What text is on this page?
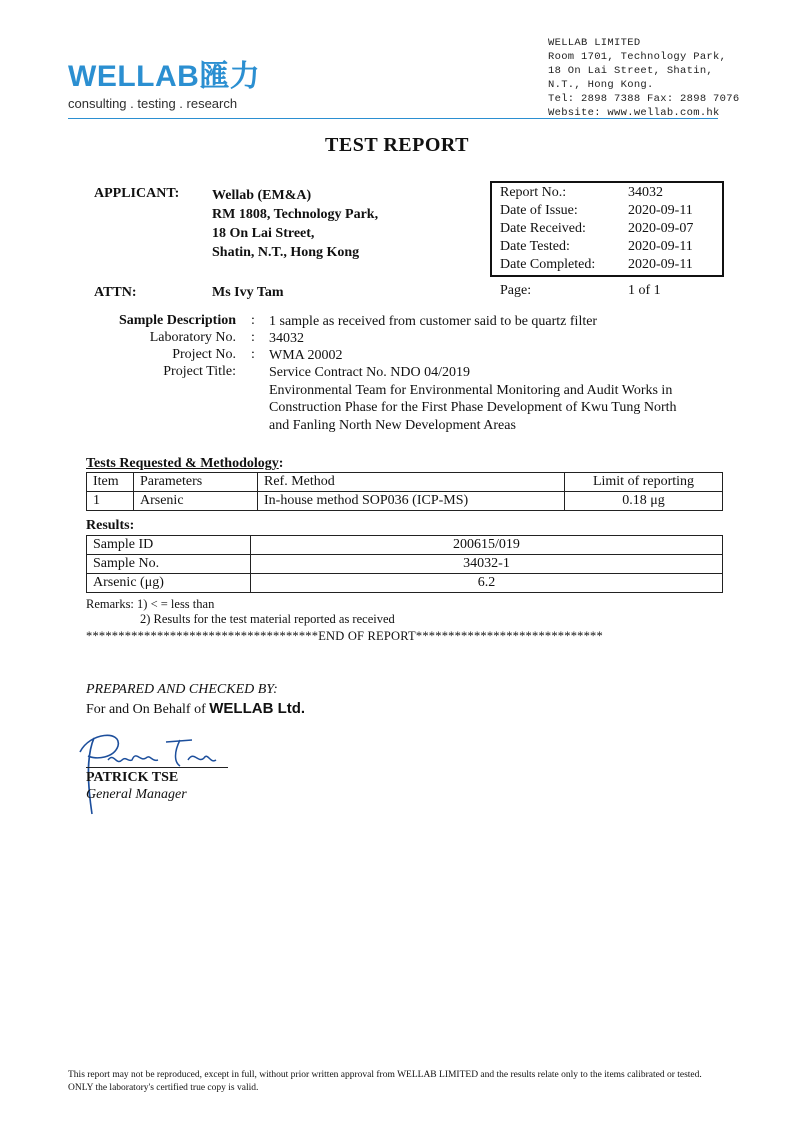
WELLAB匯力
consulting . testing . research
WELLAB LIMITED
Room 1701, Technology Park,
18 On Lai Street, Shatin,
N.T., Hong Kong.
Tel: 2898 7388 Fax: 2898 7076
Website: www.wellab.com.hk
TEST REPORT
APPLICANT: Wellab (EM&A)
RM 1808, Technology Park,
18 On Lai Street,
Shatin, N.T., Hong Kong
Report No.:	34032
Date of Issue:	2020-09-11
Date Received:	2020-09-07
Date Tested:	2020-09-11
Date Completed: 2020-09-11
ATTN:	Ms Ivy Tam	Page:	1 of 1
Sample Description : 1 sample as received from customer said to be quartz filter
Laboratory No. : 34032
Project No. : WMA 20002
Project Title: Service Contract No. NDO 04/2019
Environmental Team for Environmental Monitoring and Audit Works in
Construction Phase for the First Phase Development of Kwu Tung North
and Fanling North New Development Areas
Tests Requested & Methodology:
Item	Parameters	Ref. Method	Limit of reporting
1	Arsenic	In-house method SOP036 (ICP-MS)	0.18 μg
Results:
Sample ID	200615/019
Sample No.	34032-1
Arsenic (μg)	6.2
Remarks: 1) < = less than
2) Results for the test material reported as received
************************************END OF REPORT*****************************
PREPARED AND CHECKED BY:
For and On Behalf of WELLAB Ltd.
PATRICK TSE
General Manager
This report may not be reproduced, except in full, without prior written approval from WELLAB LIMITED and the results relate only to the items calibrated or tested. ONLY the laboratory's certified true copy is valid.
